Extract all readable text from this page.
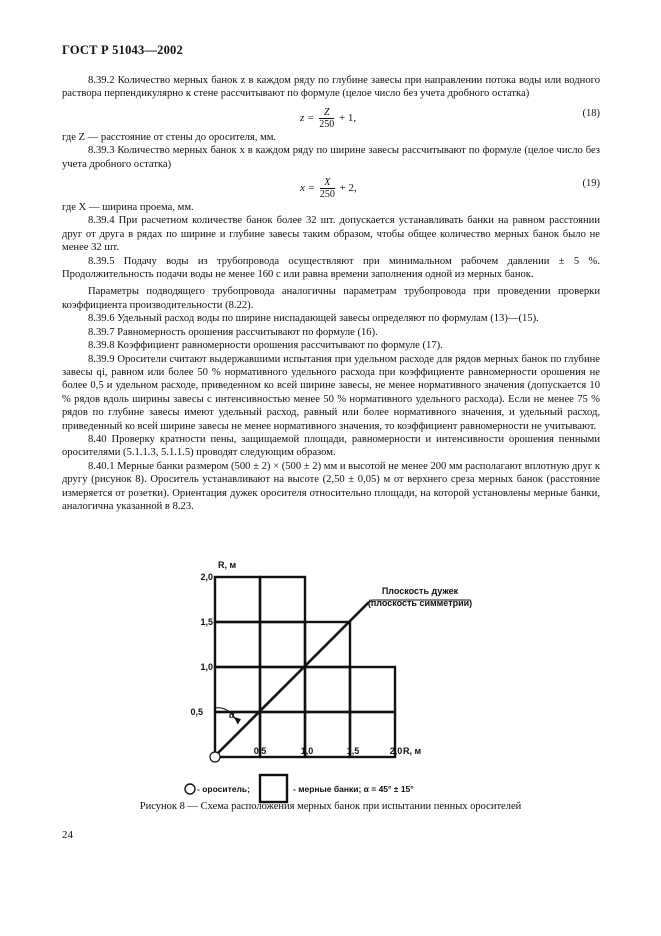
ГОСТ Р 51043—2002

8.39.2 Количество мерных банок z в каждом ряду по глубине завесы при направлении потока воды или водного раствора перпендикулярно к стене рассчитывают по формуле (целое число без учета дробного остатка)

$z = \frac{Z}{250} + 1$,	(18)

где Z — расстояние от стены до оросителя, мм.

8.39.3 Количество мерных банок x в каждом ряду по ширине завесы рассчитывают по формуле (целое число без учета дробного остатка)

$x = \frac{X}{250} + 2$,	(19)

где X — ширина проема, мм.

8.39.4 При расчетном количестве банок более 32 шт. допускается устанавливать банки на равном расстоянии друг от друга в рядах по ширине и глубине завесы таким образом, чтобы общее количество мерных банок было не менее 32 шт.

8.39.5 Подачу воды из трубопровода осуществляют при минимальном рабочем давлении ± 5 %. Продолжительность подачи воды не менее 160 с или равна времени заполнения одной из мерных банок.

Параметры подводящего трубопровода аналогичны параметрам трубопровода при проведении проверки коэффициента производительности (8.22).

8.39.6 Удельный расход воды по ширине ниспадающей завесы определяют по формулам (13)—(15).

8.39.7 Равномерность орошения рассчитывают по формуле (16).

8.39.8 Коэффициент равномерности орошения рассчитывают по формуле (17).

8.39.9 Оросители считают выдержавшими испытания при удельном расходе для рядов мерных банок по глубине завесы qi, равном или более 50 % нормативного удельного расхода при коэффициенте равномерности орошения не более 0,5 и удельном расходе, приведенном ко всей ширине завесы, не менее нормативного значения (допускается 10 % рядов вдоль ширины завесы с интенсивностью менее 50 % нормативного удельного расхода). Если не менее 75 % рядов по глубине завесы имеют удельный расход, равный или более нормативного значения, и удельный расход, приведенный ко всей ширине завесы не менее нормативного значения, то коэффициент равномерности не учитывают.

8.40 Проверку кратности пены, защищаемой площади, равномерности и интенсивности орошения пенными оросителями (5.1.1.3, 5.1.1.5) проводят следующим образом.

8.40.1 Мерные банки размером (500 ± 2) × (500 ± 2) мм и высотой не менее 200 мм располагают вплотную друг к другу (рисунок 8). Ороситель устанавливают на высоте (2,50 ± 0,05) м от верхнего среза мерных банок (расстояние измеряется от розетки). Ориентация дужек оросителя относительно площади, на которой установлены мерные банки, аналогична указанной в 8.23.

R, м
R, м
0,5
1,0
1,5
2,0
0,5	1,0	1,5	2,0
α
Плоскость дужек
(плоскость симметрии)
- ороситель;	- мерные банки; α = 45° ± 15°
Рисунок 8 — Схема расположения мерных банок при испытании пенных оросителей
24
